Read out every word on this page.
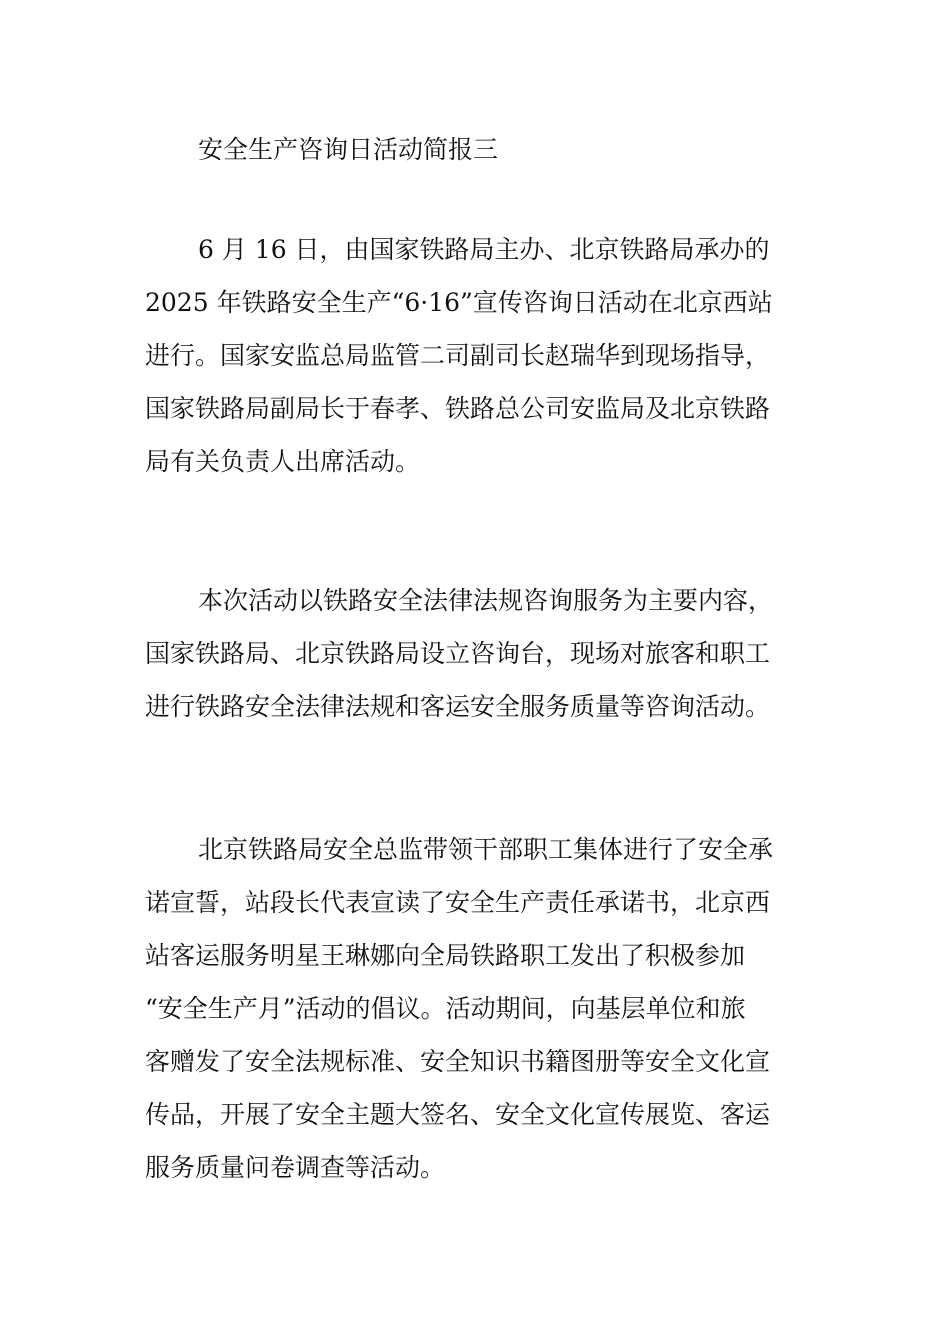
安全生产咨询日活动简报三
6 月 16 日，由国家铁路局主办、北京铁路局承办的
2025 年铁路安全生产“6·16”宣传咨询日活动在北京西站
进行。国家安监总局监管二司副司长赵瑞华到现场指导，
国家铁路局副局长于春孝、铁路总公司安监局及北京铁路
局有关负责人出席活动。
本次活动以铁路安全法律法规咨询服务为主要内容，
国家铁路局、北京铁路局设立咨询台，现场对旅客和职工
进行铁路安全法律法规和客运安全服务质量等咨询活动。
北京铁路局安全总监带领干部职工集体进行了安全承
诺宣誓，站段长代表宣读了安全生产责任承诺书，北京西
站客运服务明星王琳娜向全局铁路职工发出了积极参加
“安全生产月”活动的倡议。活动期间，向基层单位和旅
客赠发了安全法规标准、安全知识书籍图册等安全文化宣
传品，开展了安全主题大签名、安全文化宣传展览、客运
服务质量问卷调查等活动。
